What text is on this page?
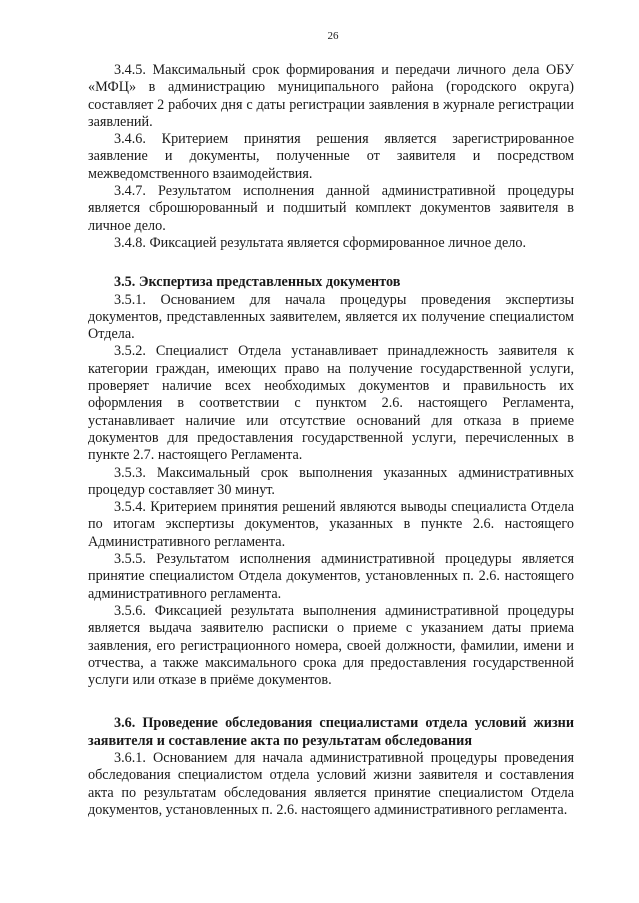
26

3.4.5. Максимальный срок формирования и передачи личного дела ОБУ «МФЦ» в администрацию муниципального района (городского округа) составляет 2 рабочих дня с даты регистрации заявления в журнале регистрации заявлений.

3.4.6. Критерием принятия решения является зарегистрированное заявление и документы, полученные от заявителя и посредством межведомственного взаимодействия.

3.4.7. Результатом исполнения данной административной процедуры является сброшюрованный и подшитый комплект документов заявителя в личное дело.

3.4.8. Фиксацией результата является сформированное личное дело.

3.5. Экспертиза представленных документов

3.5.1. Основанием для начала процедуры проведения экспертизы документов, представленных заявителем, является их получение специалистом Отдела.

3.5.2. Специалист Отдела устанавливает принадлежность заявителя к категории граждан, имеющих право на получение государственной услуги, проверяет наличие всех необходимых документов и правильность их оформления в соответствии с пунктом 2.6. настоящего Регламента, устанавливает наличие или отсутствие оснований для отказа в приеме документов для предоставления государственной услуги, перечисленных в пункте 2.7. настоящего Регламента.

3.5.3. Максимальный срок выполнения указанных административных процедур составляет 30 минут.

3.5.4. Критерием принятия решений являются выводы специалиста Отдела по итогам экспертизы документов, указанных в пункте 2.6. настоящего Административного регламента.

3.5.5. Результатом исполнения административной процедуры является принятие специалистом Отдела документов, установленных п. 2.6. настоящего административного регламента.

3.5.6. Фиксацией результата выполнения административной процедуры является выдача заявителю расписки о приеме с указанием даты приема заявления, его регистрационного номера, своей должности, фамилии, имени и отчества, а также максимального срока для предоставления государственной услуги или отказе в приёме документов.

3.6. Проведение обследования специалистами отдела условий жизни заявителя и составление акта по результатам обследования

3.6.1. Основанием для начала административной процедуры проведения обследования специалистом отдела условий жизни заявителя и составления акта по результатам обследования является принятие специалистом Отдела документов, установленных п. 2.6. настоящего административного регламента.
